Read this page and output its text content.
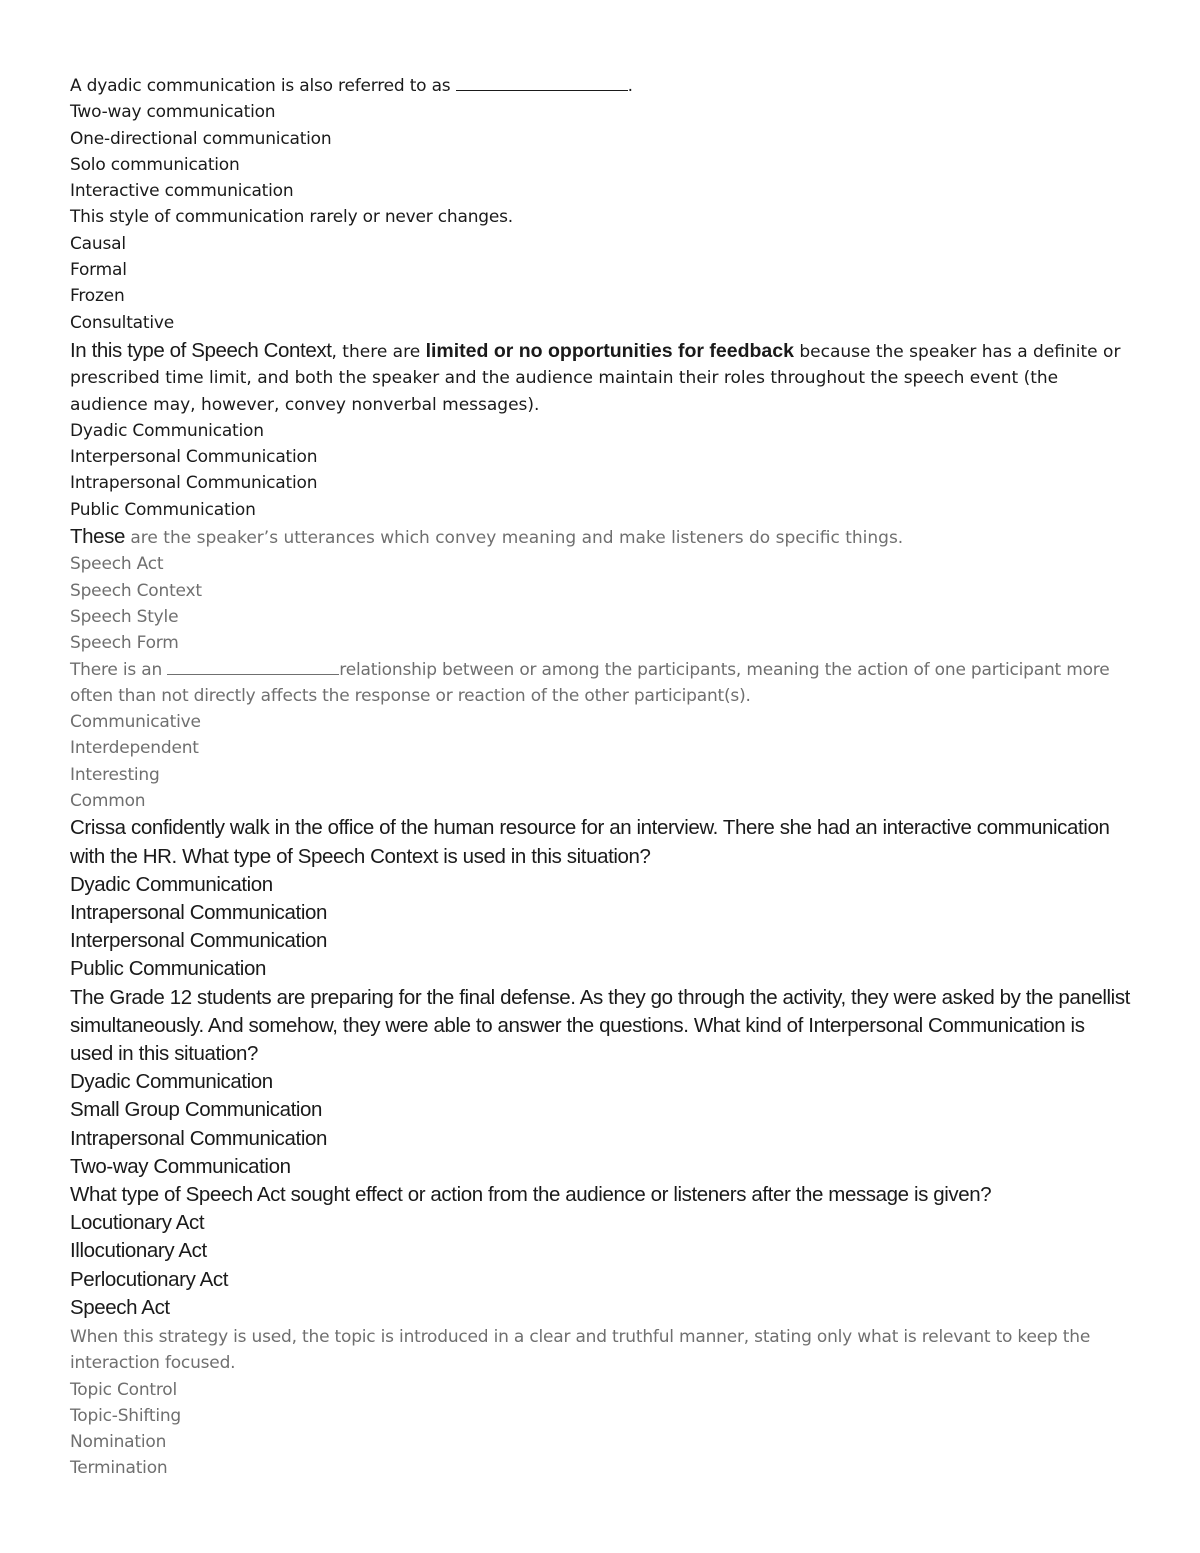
A dyadic communication is also referred to as	.

Two-way communication

One-directional communication

Solo communication

Interactive communication

This style of communication rarely or never changes.

Causal

Formal

Frozen

Consultative

In this type of Speech Context, there are limited or no opportunities for feedback because the speaker has a definite or prescribed time limit, and both the speaker and the audience maintain their roles throughout the speech event (the audience may, however, convey nonverbal messages).

Dyadic Communication

Interpersonal Communication

Intrapersonal Communication

Public Communication

These are the speaker’s utterances which convey meaning and make listeners do specific things.

Speech Act

Speech Context

Speech Style

Speech Form

There is an	relationship between or among the participants, meaning the action of one participant more often than not directly affects the response or reaction of the other participant(s).

Communicative

Interdependent

Interesting

Common

Crissa confidently walk in the office of the human resource for an interview. There she had an interactive communication with the HR. What type of Speech Context is used in this situation?

Dyadic Communication

Intrapersonal Communication

Interpersonal Communication

Public Communication

The Grade 12 students are preparing for the final defense. As they go through the activity, they were asked by the panellist simultaneously. And somehow, they were able to answer the questions. What kind of Interpersonal Communication is used in this situation?

Dyadic Communication

Small Group Communication

Intrapersonal Communication

Two-way Communication

What type of Speech Act sought effect or action from the audience or listeners after the message is given?

Locutionary Act

Illocutionary Act

Perlocutionary Act

Speech Act

When this strategy is used, the topic is introduced in a clear and truthful manner, stating only what is relevant to keep the interaction focused.

Topic Control

Topic-Shifting

Nomination

Termination
